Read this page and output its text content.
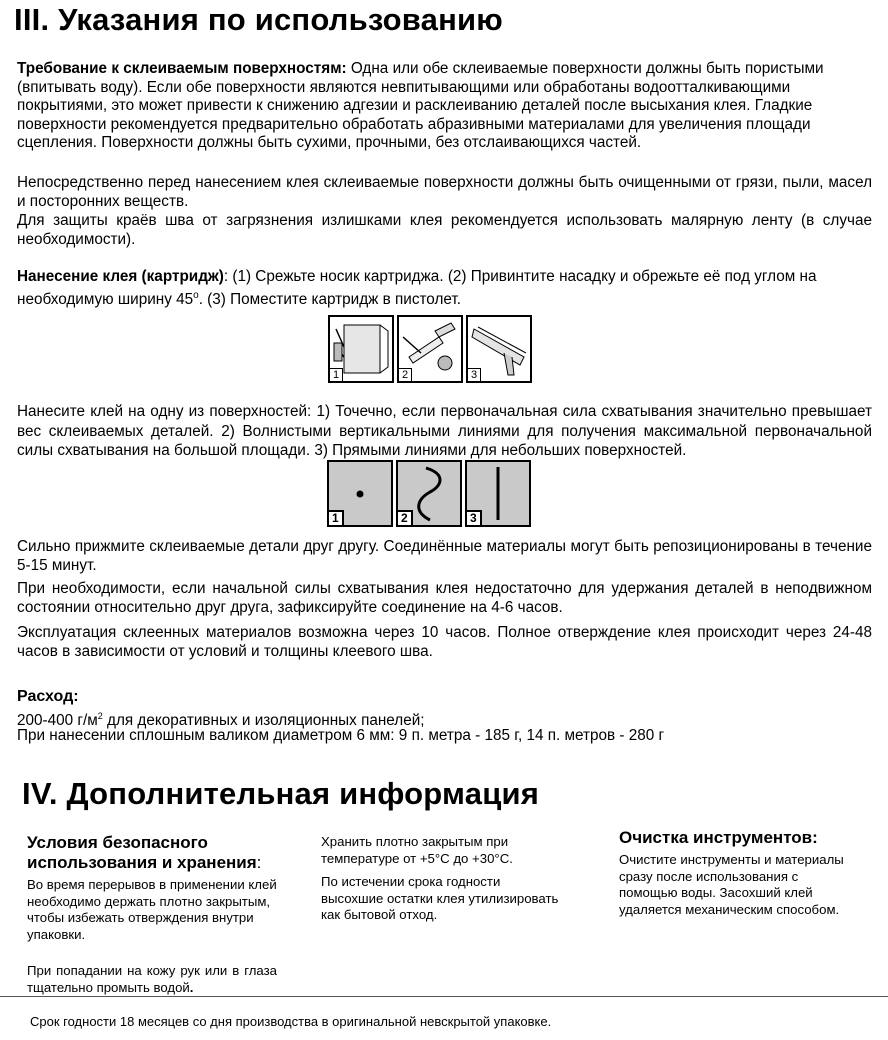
III. Указания по использованию
Требование к склеиваемым поверхностям: Одна или обе склеиваемые поверхности должны быть пористыми (впитывать воду). Если обе поверхности являются невпитывающими или обработаны водоотталкивающими покрытиями, это может привести к снижению адгезии и расклеиванию деталей после высыхания клея. Гладкие поверхности рекомендуется предварительно обработать абразивными материалами для увеличения площади сцепления. Поверхности должны быть сухими, прочными, без отслаивающихся частей.
Непосредственно перед нанесением клея склеиваемые поверхности должны быть очищенными от грязи, пыли, масел и посторонних веществ.
Для защиты краёв шва от загрязнения излишками клея рекомендуется использовать малярную ленту (в случае необходимости).
Нанесение клея (картридж): (1) Срежьте носик картриджа. (2) Привинтите насадку и обрежьте её под углом на необходимую ширину $45^о$. (3) Поместите картридж в пистолет.
1	2	3
Нанесите клей на одну из поверхностей: 1) Точечно, если первоначальная сила схватывания значительно превышает вес склеиваемых деталей. 2) Волнистыми вертикальными линиями для получения максимальной первоначальной силы схватывания на большой площади. 3) Прямыми линиями для небольших поверхностей.
1	2	3
Сильно прижмите склеиваемые детали друг другу. Соединённые материалы могут быть репозиционированы в течение 5-15 минут.
При необходимости, если начальной силы схватывания клея недостаточно для удержания деталей в неподвижном состоянии относительно друг друга, зафиксируйте соединение на 4-6 часов.
Эксплуатация склеенных материалов возможна через 10 часов. Полное отверждение клея происходит через 24-48 часов в зависимости от условий и толщины клеевого шва.
Расход:
200-400 $г/м^2$ для декоративных и изоляционных панелей;
При нанесении сплошным валиком диаметром 6 мм: 9 п. метра - 185 г, 14 п. метров - 280 г
IV. Дополнительная информация
Условия безопасного использования и хранения:

Во время перерывов в применении клей необходимо держать плотно закрытым, чтобы избежать отверждения внутри упаковки.

При попадании на кожу рук или в глаза тщательно промыть водой.

Хранить плотно закрытым при температуре от +5°С до +30°С.

По истечении срока годности высохшие остатки клея утилизировать как бытовой отход.

Очистка инструментов:

Очистите инструменты и материалы сразу после использования с помощью воды. Засохший клей удаляется механическим способом.

Срок годности 18 месяцев со дня производства в оригинальной невскрытой упаковке.
